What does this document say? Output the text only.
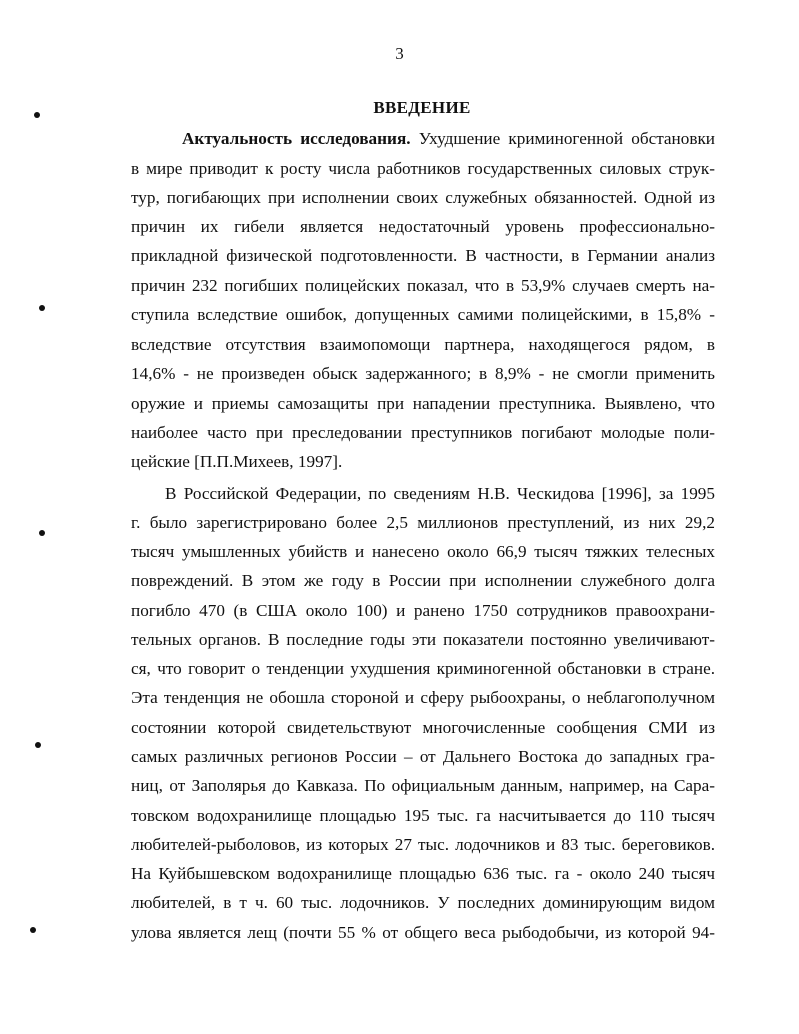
3
ВВЕДЕНИЕ
Актуальность исследования. Ухудшение криминогенной обстановки
в мире приводит к росту числа работников государственных силовых струк-
тур, погибающих при исполнении своих служебных обязанностей. Одной из
причин их гибели является недостаточный уровень профессионально-
прикладной физической подготовленности. В частности, в Германии анализ
причин 232 погибших полицейских показал, что в 53,9% случаев смерть на-
ступила вследствие ошибок, допущенных самими полицейскими, в 15,8% -
вследствие отсутствия взаимопомощи партнера, находящегося рядом, в
14,6% - не произведен обыск задержанного; в 8,9% - не смогли применить
оружие и приемы самозащиты при нападении преступника. Выявлено, что
наиболее часто при преследовании преступников погибают молодые поли-
цейские [П.П.Михеев, 1997].
В Российской Федерации, по сведениям Н.В. Ческидова [1996], за 1995
г. было зарегистрировано более 2,5 миллионов преступлений, из них 29,2
тысяч умышленных убийств и нанесено около 66,9 тысяч тяжких телесных
повреждений. В этом же году в России при исполнении служебного долга
погибло 470 (в США около 100) и ранено 1750 сотрудников правоохрани-
тельных органов. В последние годы эти показатели постоянно увеличивают-
ся, что говорит о тенденции ухудшения криминогенной обстановки в стране.
Эта тенденция не обошла стороной и сферу рыбоохраны, о неблагополучном
состоянии которой свидетельствуют многочисленные сообщения СМИ из
самых различных регионов России – от Дальнего Востока до западных гра-
ниц, от Заполярья до Кавказа. По официальным данным, например, на Сара-
товском водохранилище площадью 195 тыс. га насчитывается до 110 тысяч
любителей-рыболовов, из которых 27 тыс. лодочников и 83 тыс. береговиков.
На Куйбышевском водохранилище площадью 636 тыс. га - около 240 тысяч
любителей, в т ч. 60 тыс. лодочников. У последних доминирующим видом
улова является лещ (почти 55 % от общего веса рыбодобычи, из которой 94-
